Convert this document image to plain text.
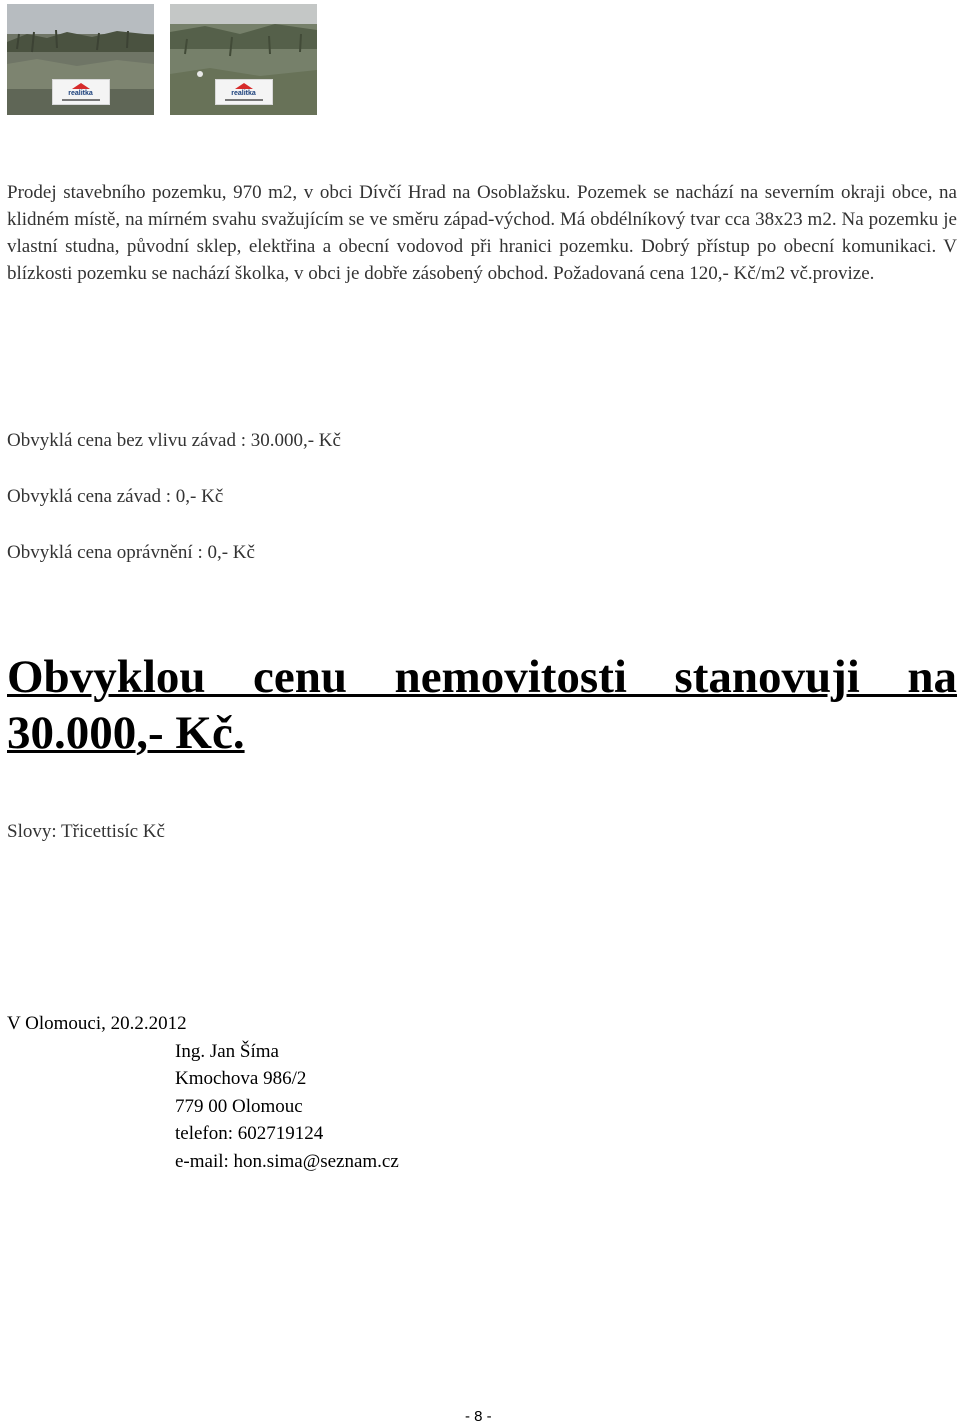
realitka	realitka

Prodej stavebního pozemku, 970 m2, v obci Dívčí Hrad na Osoblažsku. Pozemek se nachází na severním okraji obce, na klidném místě, na mírném svahu svažujícím se ve směru západ-východ. Má obdélníkový tvar cca 38x23 m2. Na pozemku je vlastní studna, původní sklep, elektřina a obecní vodovod při hranici pozemku. Dobrý přístup po obecní komunikaci. V blízkosti pozemku se nachází školka, v obci je dobře zásobený obchod. Požadovaná cena 120,- Kč/m2 vč.provize.

Obvyklá cena bez vlivu závad : 30.000,- Kč

Obvyklá cena závad : 0,- Kč

Obvyklá cena oprávnění : 0,- Kč

Obvyklou cenu nemovitosti stanovuji na 30.000,- Kč.

Slovy: Třicettisíc Kč

V Olomouci, 20.2.2012

Ing. Jan Šíma
Kmochova 986/2
779 00 Olomouc
telefon: 602719124
e-mail: hon.sima@seznam.cz

- 8 -
